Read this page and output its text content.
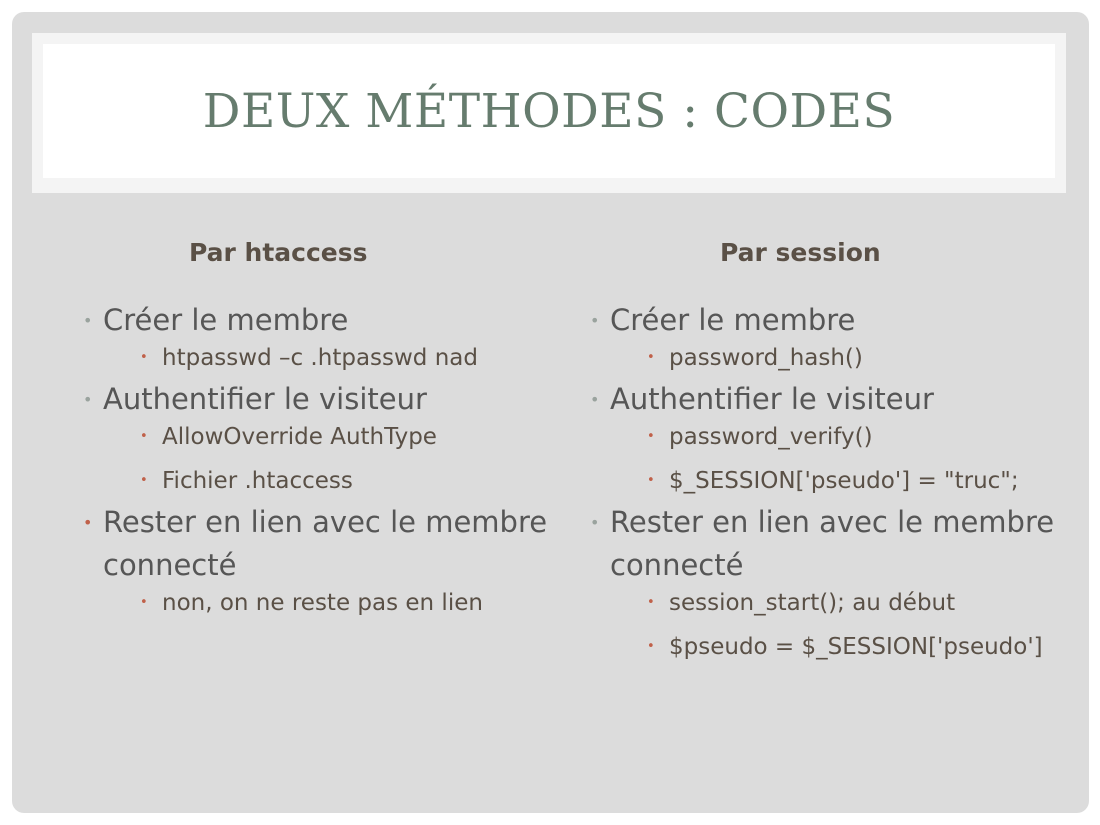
DEUX MÉTHODES : CODES
Par htaccess
• Créer le membre
• htpasswd –c .htpasswd nad
• Authentifier le visiteur
• AllowOverride AuthType
• Fichier .htaccess
• Rester en lien avec le membre connecté
• non, on ne reste pas en lien
Par session
• Créer le membre
• password_hash()
• Authentifier le visiteur
• password_verify()
• $_SESSION['pseudo'] = "truc";
• Rester en lien avec le membre connecté
• session_start(); au début
• $pseudo = $_SESSION['pseudo']
